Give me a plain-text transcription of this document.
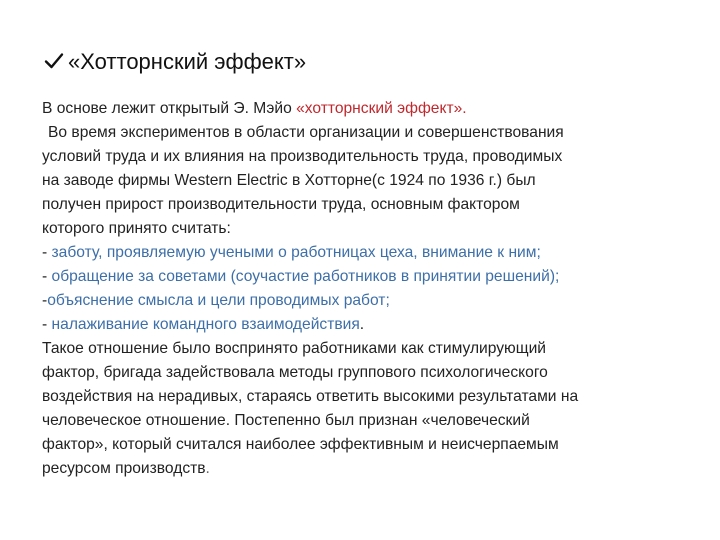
«Хотторнский эффект»
В основе лежит открытый Э. Мэйо «хотторнский эффект».
Во время экспериментов в области организации и совершенствования
условий труда и их влияния на производительность труда, проводимых
на заводе фирмы Western Electric в Хотторне(с 1924 по 1936 г.) был
получен прирост производительности труда, основным фактором
которого принято считать:
- заботу, проявляемую учеными о работницах цеха, внимание к ним;
- обращение за советами (соучастие работников в принятии решений);
-объяснение смысла и цели проводимых работ;
- налаживание командного взаимодействия.
Такое отношение было воспринято работниками как стимулирующий
фактор, бригада задействовала методы группового психологического
воздействия на нерадивых, стараясь ответить высокими результатами на
человеческое отношение. Постепенно был признан «человеческий
фактор», который считался наиболее эффективным и неисчерпаемым
ресурсом производств.
